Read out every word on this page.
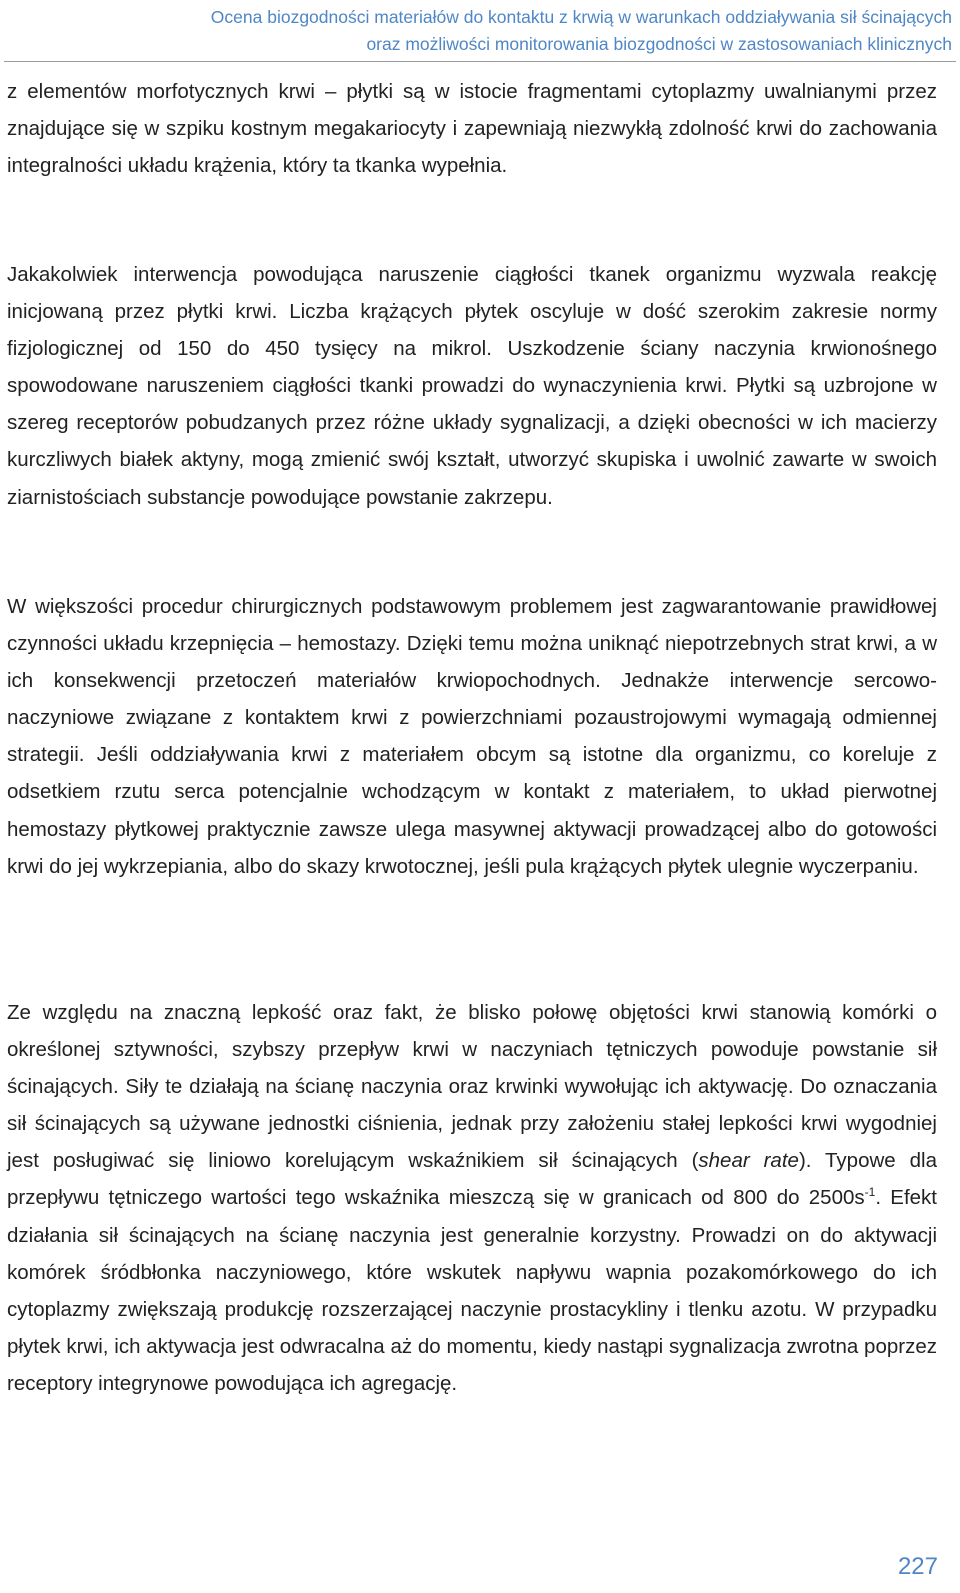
Ocena biozgodności materiałów do kontaktu z krwią w warunkach oddziaływania sił ścinających
oraz możliwości monitorowania biozgodności w zastosowaniach klinicznych

z elementów morfotycznych krwi – płytki są w istocie fragmentami cytoplazmy uwalnianymi przez znajdujące się w szpiku kostnym megakariocyty i zapewniają niezwykłą zdolność krwi do zachowania integralności układu krążenia, który ta tkanka wypełnia.

Jakakolwiek interwencja powodująca naruszenie ciągłości tkanek organizmu wyzwala reakcję inicjowaną przez płytki krwi. Liczba krążących płytek oscyluje w dość szerokim zakresie normy fizjologicznej od 150 do 450 tysięcy na mikrol. Uszkodzenie ściany naczynia krwionośnego spowodowane naruszeniem ciągłości tkanki prowadzi do wynaczynienia krwi. Płytki są uzbrojone w szereg receptorów pobudzanych przez różne układy sygnalizacji, a dzięki obecności w ich macierzy kurczliwych białek aktyny, mogą zmienić swój kształt, utworzyć skupiska i uwolnić zawarte w swoich ziarnistościach substancje powodujące powstanie zakrzepu.

W większości procedur chirurgicznych podstawowym problemem jest zagwarantowanie prawidłowej czynności układu krzepnięcia – hemostazy. Dzięki temu można uniknąć niepotrzebnych strat krwi, a w ich konsekwencji przetoczeń materiałów krwiopochodnych. Jednakże interwencje sercowo-naczyniowe związane z kontaktem krwi z powierzchniami pozaustrojowymi wymagają odmiennej strategii. Jeśli oddziaływania krwi z materiałem obcym są istotne dla organizmu, co koreluje z odsetkiem rzutu serca potencjalnie wchodzącym w kontakt z materiałem, to układ pierwotnej hemostazy płytkowej praktycznie zawsze ulega masywnej aktywacji prowadzącej albo do gotowości krwi do jej wykrzepiania, albo do skazy krwotocznej, jeśli pula krążących płytek ulegnie wyczerpaniu.

Ze względu na znaczną lepkość oraz fakt, że blisko połowę objętości krwi stanowią komórki o określonej sztywności, szybszy przepływ krwi w naczyniach tętniczych powoduje powstanie sił ścinających. Siły te działają na ścianę naczynia oraz krwinki wywołując ich aktywację. Do oznaczania sił ścinających są używane jednostki ciśnienia, jednak przy założeniu stałej lepkości krwi wygodniej jest posługiwać się liniowo korelującym wskaźnikiem sił ścinających (shear rate). Typowe dla przepływu tętniczego wartości tego wskaźnika mieszczą się w granicach od 800 do $2500s^{-1}$. Efekt działania sił ścinających na ścianę naczynia jest generalnie korzystny. Prowadzi on do aktywacji komórek śródbłonka naczyniowego, które wskutek napływu wapnia pozakomórkowego do ich cytoplazmy zwiększają produkcję rozszerzającej naczynie prostacykliny i tlenku azotu. W przypadku płytek krwi, ich aktywacja jest odwracalna aż do momentu, kiedy nastąpi sygnalizacja zwrotna poprzez receptory integrynowe powodująca ich agregację.

227
